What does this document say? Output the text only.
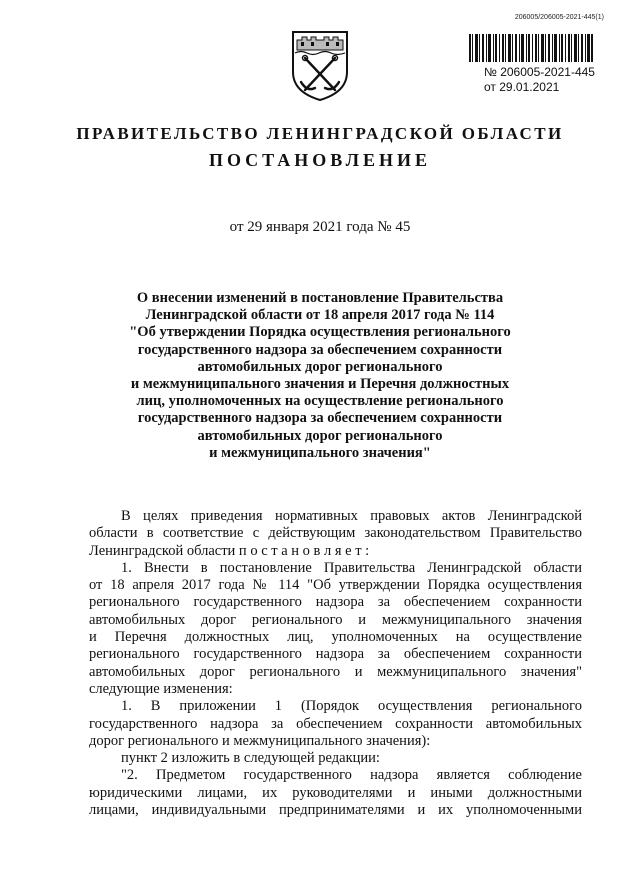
206005/206005-2021-445(1)
№ 206005-2021-445
от 29.01.2021
ПРАВИТЕЛЬСТВО ЛЕНИНГРАДСКОЙ ОБЛАСТИ
ПОСТАНОВЛЕНИЕ
от 29 января 2021 года № 45
О внесении изменений в постановление Правительства
Ленинградской области от 18 апреля 2017 года № 114
"Об утверждении Порядка осуществления регионального
государственного надзора за обеспечением сохранности
автомобильных дорог регионального
и межмуниципального значения и Перечня должностных
лиц, уполномоченных на осуществление регионального
государственного надзора за обеспечением сохранности
автомобильных дорог регионального
и межмуниципального значения"
В целях приведения нормативных правовых актов Ленинградской
области в соответствие с действующим законодательством Правительство
Ленинградской области п о с т а н о в л я е т :
1. Внести в постановление Правительства Ленинградской области
от 18 апреля 2017 года № 114 "Об утверждении Порядка осуществления
регионального государственного надзора за обеспечением сохранности
автомобильных дорог регионального и межмуниципального значения
и Перечня должностных лиц, уполномоченных на осуществление
регионального государственного надзора за обеспечением сохранности
автомобильных дорог регионального и межмуниципального значения"
следующие изменения:
1. В приложении 1 (Порядок осуществления регионального
государственного надзора за обеспечением сохранности автомобильных
дорог регионального и межмуниципального значения):
пункт 2 изложить в следующей редакции:
"2. Предметом государственного надзора является соблюдение
юридическими лицами, их руководителями и иными должностными
лицами, индивидуальными предпринимателями и их уполномоченными
